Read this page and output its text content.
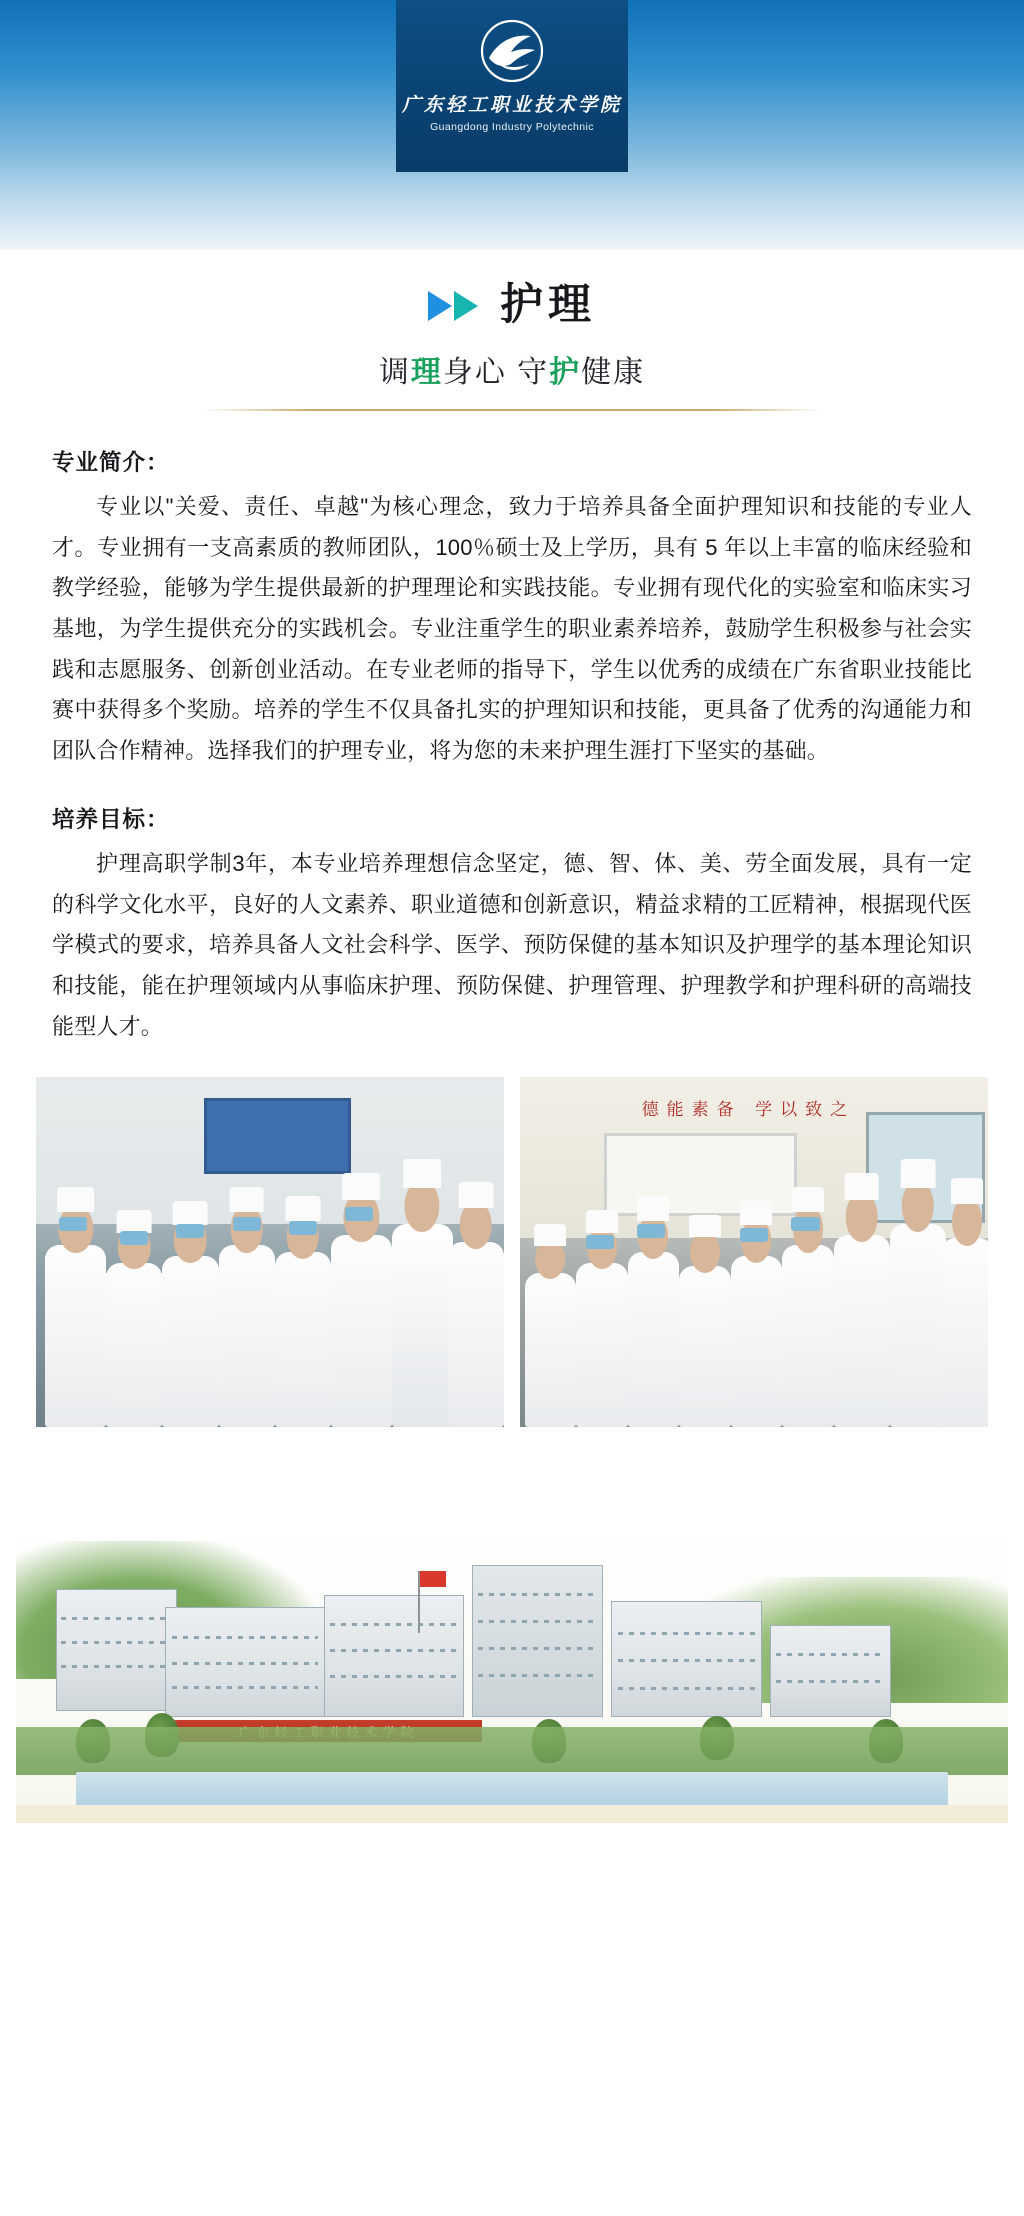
广东轻工职业技术学院
Guangdong Industry Polytechnic
护理
调理身心 守护健康
专业简介：
专业以"关爱、责任、卓越"为核心理念，致力于培养具备全面护理知识和技能的专业人才。专业拥有一支高素质的教师团队，100％硕士及上学历，具有 5 年以上丰富的临床经验和教学经验，能够为学生提供最新的护理理论和实践技能。专业拥有现代化的实验室和临床实习基地，为学生提供充分的实践机会。专业注重学生的职业素养培养，鼓励学生积极参与社会实践和志愿服务、创新创业活动。在专业老师的指导下，学生以优秀的成绩在广东省职业技能比赛中获得多个奖励。培养的学生不仅具备扎实的护理知识和技能，更具备了优秀的沟通能力和团队合作精神。选择我们的护理专业，将为您的未来护理生涯打下坚实的基础。
培养目标：
护理高职学制3年，本专业培养理想信念坚定，德、智、体、美、劳全面发展，具有一定的科学文化水平，良好的人文素养、职业道德和创新意识，精益求精的工匠精神，根据现代医学模式的要求，培养具备人文社会科学、医学、预防保健的基本知识及护理学的基本理论知识和技能，能在护理领域内从事临床护理、预防保健、护理管理、护理教学和护理科研的高端技能型人才。
德能素备 学以致之
